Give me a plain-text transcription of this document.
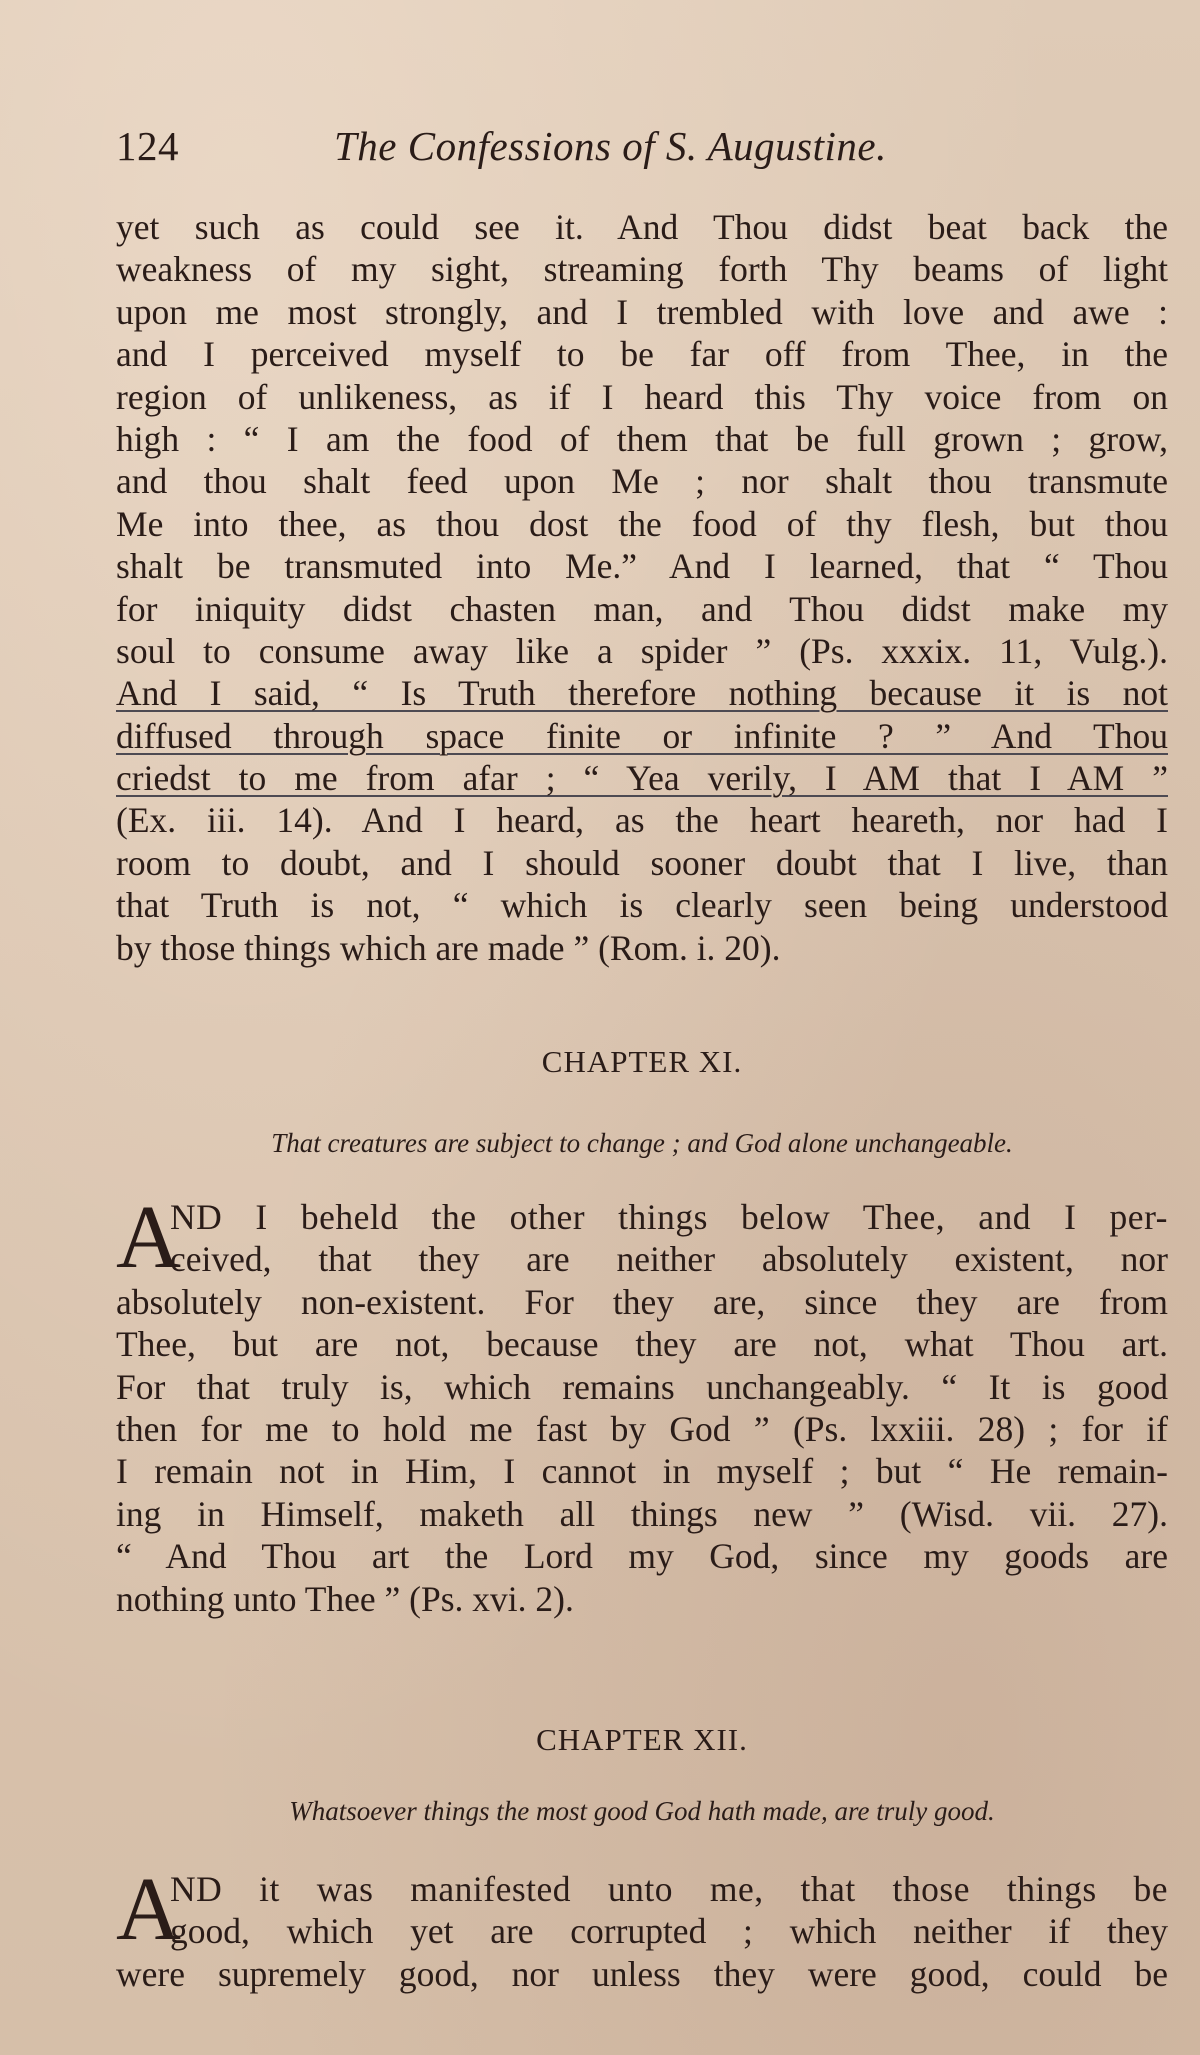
124	The Confessions of S. Augustine.
yet such as could see it. And Thou didst beat back the
weakness of my sight, streaming forth Thy beams of light
upon me most strongly, and I trembled with love and awe :
and I perceived myself to be far off from Thee, in the
region of unlikeness, as if I heard this Thy voice from on
high : “ I am the food of them that be full grown ; grow,
and thou shalt feed upon Me ; nor shalt thou transmute
Me into thee, as thou dost the food of thy flesh, but thou
shalt be transmuted into Me.” And I learned, that “ Thou
for iniquity didst chasten man, and Thou didst make my
soul to consume away like a spider ” (Ps. xxxix. 11, Vulg.).
And I said, “ Is Truth therefore nothing because it is not
diffused through space finite or infinite ? ” And Thou
criedst to me from afar ; “ Yea verily, I AM that I AM ”
(Ex. iii. 14). And I heard, as the heart heareth, nor had I
room to doubt, and I should sooner doubt that I live, than
that Truth is not, “ which is clearly seen being understood
by those things which are made ” (Rom. i. 20).
CHAPTER XI.
That creatures are subject to change ; and God alone unchangeable.
A
ND I beheld the other things below Thee, and I per-
ceived, that they are neither absolutely existent, nor
absolutely non-existent. For they are, since they are from
Thee, but are not, because they are not, what Thou art.
For that truly is, which remains unchangeably. “ It is good
then for me to hold me fast by God ” (Ps. lxxiii. 28) ; for if
I remain not in Him, I cannot in myself ; but “ He remain-
ing in Himself, maketh all things new ” (Wisd. vii. 27).
“ And Thou art the Lord my God, since my goods are
nothing unto Thee ” (Ps. xvi. 2).
CHAPTER XII.
Whatsoever things the most good God hath made, are truly good.
A
ND it was manifested unto me, that those things be
good, which yet are corrupted ; which neither if they
were supremely good, nor unless they were good, could be
